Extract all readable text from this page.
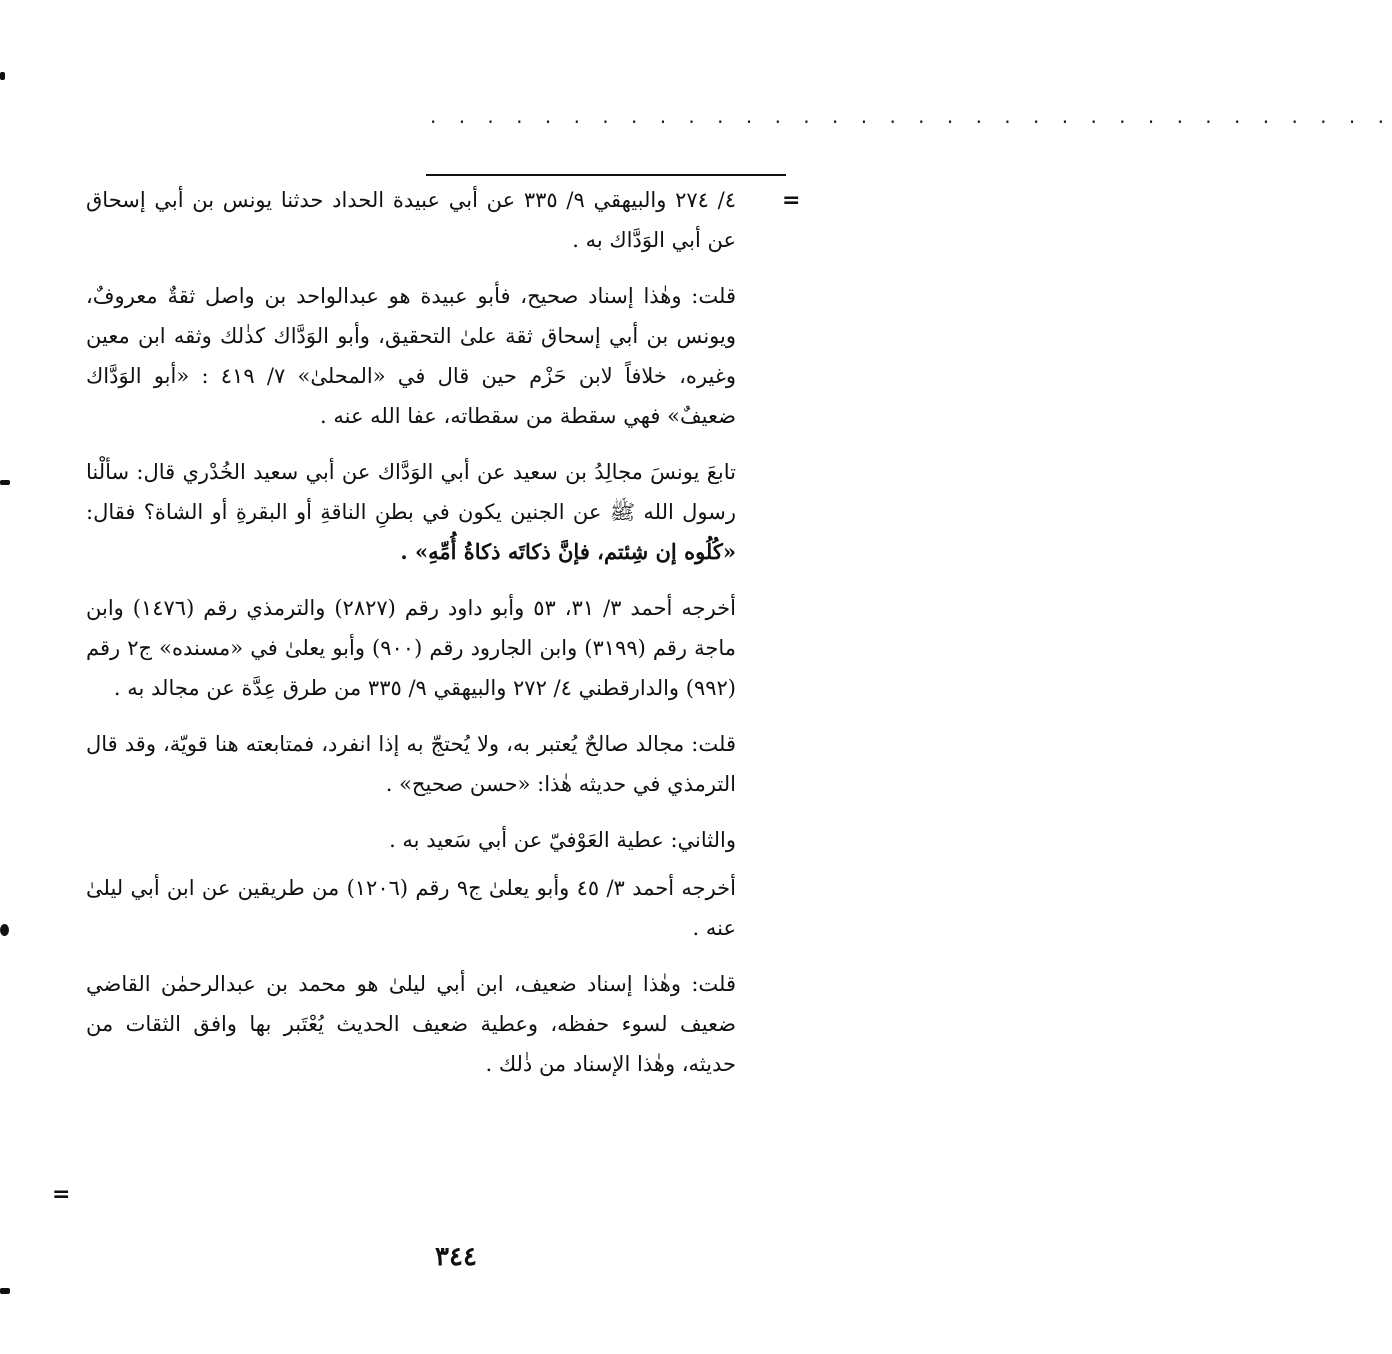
. . . . . . . . . . . . . . . . . . . . . . . . . . . . . . . . . .
=
=

٤/ ٢٧٤ والبيهقي ٩/ ٣٣٥ عن أبي عبيدة الحداد حدثنا يونس بن أبي إسحاق عن أبي الوَدَّاك به .

قلت: وهٰذا إسناد صحيح، فأبو عبيدة هو عبدالواحد بن واصل ثقةٌ معروفٌ، ويونس بن أبي إسحاق ثقة علىٰ التحقيق، وأبو الوَدَّاك كذٰلك وثقه ابن معين وغيره، خلافاً لابن حَزْم حين قال في «المحلىٰ» ٧/ ٤١٩ : «أبو الوَدَّاك ضعيفٌ» فهي سقطة من سقطاته، عفا الله عنه .

تابعَ يونسَ مجالِدُ بن سعيد عن أبي الوَدَّاك عن أبي سعيد الخُدْري قال: سألْنا رسول الله ﷺ عن الجنين يكون في بطنِ الناقةِ أو البقرةِ أو الشاة؟ فقال: «كُلُوه إن شِئتم، فإنَّ ذكاتَه ذكاةُ أُمِّهِ» .

أخرجه أحمد ٣/ ٣١، ٥٣ وأبو داود رقم (٢٨٢٧) والترمذي رقم (١٤٧٦) وابن ماجة رقم (٣١٩٩) وابن الجارود رقم (٩٠٠) وأبو يعلىٰ في «مسنده» ج٢ رقم (٩٩٢) والدارقطني ٤/ ٢٧٢ والبيهقي ٩/ ٣٣٥ من طرق عِدَّة عن مجالد به .

قلت: مجالد صالحٌ يُعتبر به، ولا يُحتجّ به إذا انفرد، فمتابعته هنا قويّة، وقد قال الترمذي في حديثه هٰذا: «حسن صحيح» .

والثاني: عطية العَوْفيّ عن أبي سَعيد به .

أخرجه أحمد ٣/ ٤٥ وأبو يعلىٰ ج٩ رقم (١٢٠٦) من طريقين عن ابن أبي ليلىٰ عنه .

قلت: وهٰذا إسناد ضعيف، ابن أبي ليلىٰ هو محمد بن عبدالرحمٰن القاضي ضعيف لسوء حفظه، وعطية ضعيف الحديث يُعْتَبر بها وافق الثقات من حديثه، وهٰذا الإسناد من ذٰلك .

٣٤٤
